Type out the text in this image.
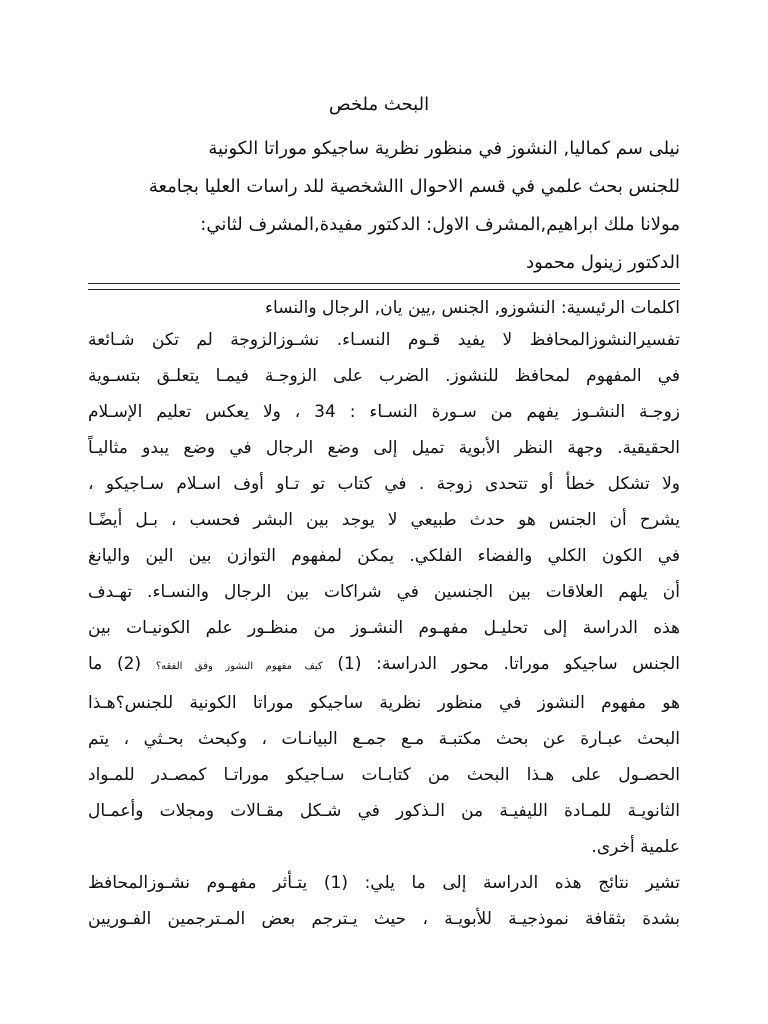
البحث ملخص

نيلى سم كماليا, النشوز في منظور نظرية ساجيكو موراتا الكونية

للجنس بحث علمي في قسم الاحوال االشخصية للد راسات العليا بجامعة

مولانا ملك ابراهيم,المشرف الاول: الدكتور مفيدة,المشرف لثاني:

الدكتور زينول محمود

اكلمات الرئيسية: النشوزو, الجنس ,يين يان, الرجال والنساء

تفسيرالنشوزالمحافظ لا يفيد قـوم النسـاء. نشـوزالزوجة لم تكن شـائعة

في المفهوم لمحافظ للنشوز. الضرب على الزوجـة فيمـا يتعلـق بتسـوية

زوجـة النشـوز يفهم من سـورة النسـاء : 34 ، ولا يعكس تعليم الإسـلام

الحقيقية. وجهة النظر الأبوية تميل إلى وضع الرجال في وضع يبدو مثاليـاً

ولا تشكل خطأ أو تتحدى زوجة . في كتاب تو تـاو أوف اسـلام سـاجيكو ،

يشرح أن الجنس هو حدث طبيعي لا يوجد بين البشر فحسب ، بـل أيضًـا

في الكون الكلي والفضاء الفلكي. يمكن لمفهوم التوازن بين الين واليانغ

أن يلهم العلاقات بين الجنسين في شراكات بين الرجال والنسـاء. تهـدف

هذه الدراسة إلى تحليـل مفهـوم النشـوز من منظـور علم الكونيـات بين

الجنس ساجيكو موراتا. محور الدراسة: (1) كيف مفهوم النشوز وفق الفقه؟ (2) ما

هو مفهوم النشوز في منظور نظرية ساجيكو موراتا الكونية للجنس؟هـذا

البحث عبـارة عن بحث مكتبـة مـع جمـع البيانـات ، وكبحث بحـثي ، يتم

الحصـول على هـذا البحث من كتابـات سـاجيكو موراتـا كمصـدر للمـواد

الثانويـة للمـادة الليفيـة من الـذكور في شـكل مقـالات ومجلات وأعمـال

علمية أخرى.

تشير نتائج هذه الدراسة إلى ما يلي: (1) يتـأثر مفهـوم نشـوزالمحافظ

بشدة بثقافة نموذجيـة للأبويـة ، حيث يـترجم بعض المـترجمين الفـوريين
